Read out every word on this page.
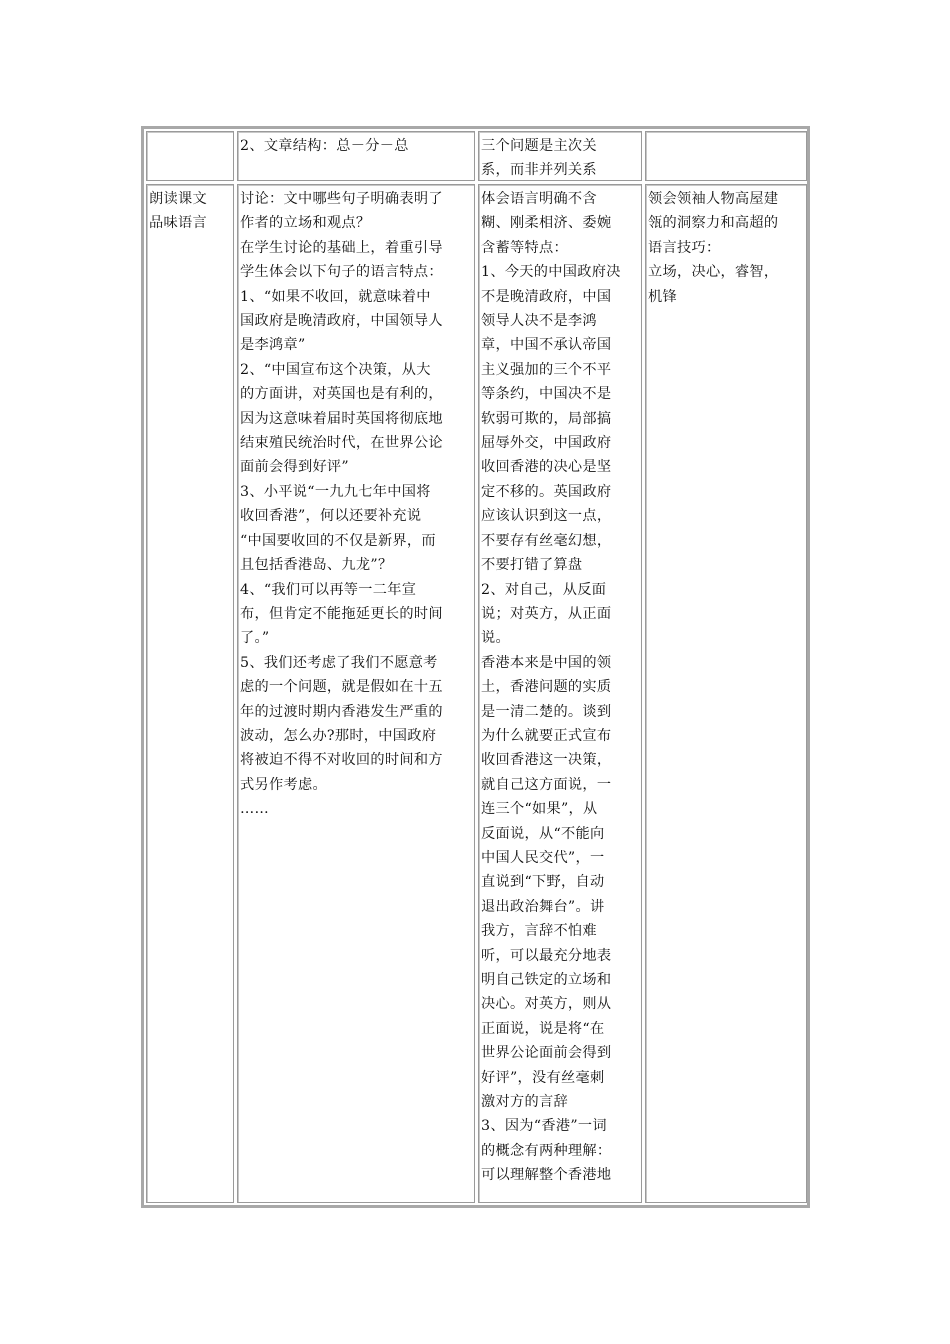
2、文章结构：总－分－总	三个问题是主次关
系，而非并列关系
朗读课文
品味语言
讨论：文中哪些句子明确表明了
作者的立场和观点？
在学生讨论的基础上，着重引导
学生体会以下句子的语言特点：
1、“如果不收回，就意味着中
国政府是晚清政府，中国领导人
是李鸿章”
2、“中国宣布这个决策，从大
的方面讲，对英国也是有利的，
因为这意味着届时英国将彻底地
结束殖民统治时代，在世界公论
面前会得到好评”
3、小平说“一九九七年中国将
收回香港”，何以还要补充说
“中国要收回的不仅是新界，而
且包括香港岛、九龙”？
4、“我们可以再等一二年宣
布，但肯定不能拖延更长的时间
了。”
5、我们还考虑了我们不愿意考
虑的一个问题，就是假如在十五
年的过渡时期内香港发生严重的
波动，怎么办?那时，中国政府
将被迫不得不对收回的时间和方
式另作考虑。
……
体会语言明确不含
糊、刚柔相济、委婉
含蓄等特点：
1、今天的中国政府决
不是晚清政府，中国
领导人决不是李鸿
章，中国不承认帝国
主义强加的三个不平
等条约，中国决不是
软弱可欺的，局部搞
屈辱外交，中国政府
收回香港的决心是坚
定不移的。英国政府
应该认识到这一点，
不要存有丝毫幻想，
不要打错了算盘
2、对自己，从反面
说；对英方，从正面
说。
香港本来是中国的领
土，香港问题的实质
是一清二楚的。谈到
为什么就要正式宣布
收回香港这一决策，
就自己这方面说，一
连三个“如果”，从
反面说，从“不能向
中国人民交代”，一
直说到“下野，自动
退出政治舞台”。讲
我方，言辞不怕难
听，可以最充分地表
明自己铁定的立场和
决心。对英方，则从
正面说，说是将“在
世界公论面前会得到
好评”，没有丝毫刺
激对方的言辞
3、因为“香港”一词
的概念有两种理解：
可以理解整个香港地
领会领袖人物高屋建
瓴的洞察力和高超的
语言技巧：
立场，决心，睿智，
机锋
